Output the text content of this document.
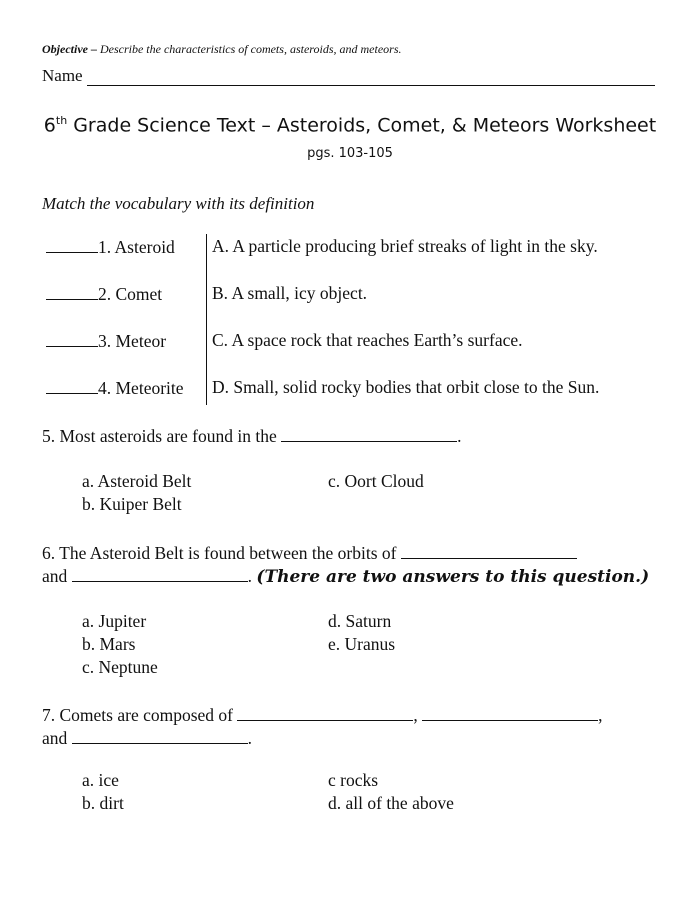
Objective – Describe the characteristics of comets, asteroids, and meteors.
Name
6th Grade Science Text – Asteroids, Comet, & Meteors Worksheet
pgs. 103-105
Match the vocabulary with its definition
1. Asteroid	A. A particle producing brief streaks of light in the sky.
2. Comet	B. A small, icy object.
3. Meteor	C. A space rock that reaches Earth’s surface.
4. Meteorite	D. Small, solid rocky bodies that orbit close to the Sun.
5. Most asteroids are found in the	.
a. Asteroid Belt
b. Kuiper Belt
c. Oort Cloud
6. The Asteroid Belt is found between the orbits of
and	. (There are two answers to this question.)
a. Jupiter
b. Mars
c. Neptune
d. Saturn
e. Uranus
7. Comets are composed of	,	,
and	.
a. ice
b. dirt
c rocks
d. all of the above
